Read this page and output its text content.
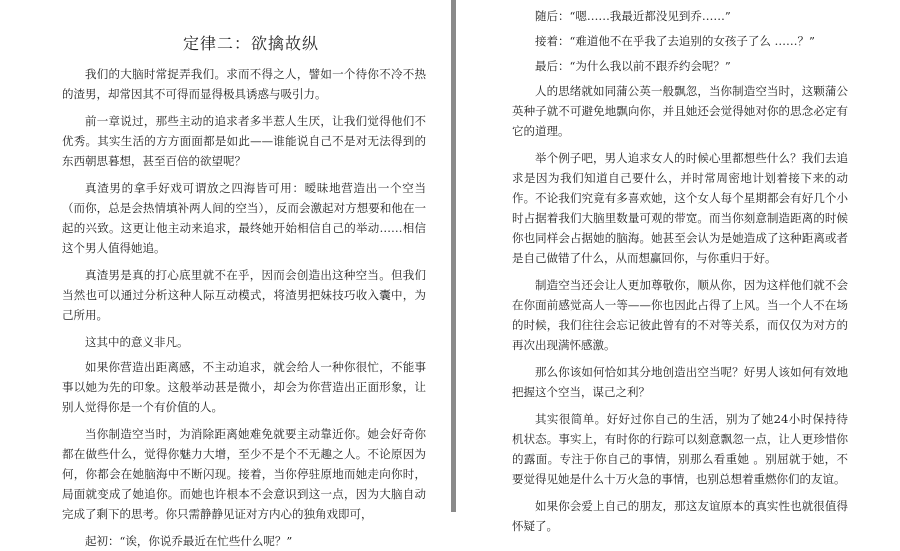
定律二：欲擒故纵

我们的大脑时常捉弄我们。求而不得之人，譬如一个待你不冷不热的渣男，却常因其不可得而显得极具诱惑与吸引力。

前一章说过，那些主动的追求者多半惹人生厌，让我们觉得他们不优秀。其实生活的方方面面都是如此——谁能说自己不是对无法得到的东西朝思暮想，甚至百倍的欲望呢？

真渣男的拿手好戏可谓放之四海皆可用：暧昧地营造出一个空当（而你，总是会热情填补两人间的空当），反而会激起对方想要和他在一起的兴致。这更让他主动来追求，最终她开始相信自己的举动……相信这个男人值得她追。

真渣男是真的打心底里就不在乎，因而会创造出这种空当。但我们当然也可以通过分析这种人际互动模式，将渣男把妹技巧收入囊中，为己所用。

这其中的意义非凡。

如果你营造出距离感，不主动追求，就会给人一种你很忙，不能事事以她为先的印象。这般举动甚是微小，却会为你营造出正面形象，让别人觉得你是一个有价值的人。

当你制造空当时，为消除距离她难免就要主动靠近你。她会好奇你都在做些什么，觉得你魅力大增，至少不是个不无趣之人。不论原因为何，你都会在她脑海中不断闪现。接着，当你停驻原地而她走向你时，局面就变成了她追你。而她也许根本不会意识到这一点，因为大脑自动完成了剩下的思考。你只需静静见证对方内心的独角戏即可，

起初：“诶，你说乔最近在忙些什么呢？”

随后：“嗯……我最近都没见到乔……”

接着：“难道他不在乎我了去追别的女孩子了么 ……？”

最后：“为什么我以前不跟乔约会呢？”

人的思绪就如同蒲公英一般飘忽，当你制造空当时，这颗蒲公英种子就不可避免地飘向你，并且她还会觉得她对你的思念必定有它的道理。

举个例子吧，男人追求女人的时候心里都想些什么？我们去追求是因为我们知道自己要什么，并时常周密地计划着接下来的动作。不论我们究竟有多喜欢她，这个女人每个星期都会有好几个小时占据着我们大脑里数量可观的带宽。而当你刻意制造距离的时候你也同样会占据她的脑海。她甚至会认为是她造成了这种距离或者是自己做错了什么，从而想赢回你，与你重归于好。

制造空当还会让人更加尊敬你，顺从你，因为这样他们就不会在你面前感觉高人一等——你也因此占得了上风。当一个人不在场的时候，我们往往会忘记彼此曾有的不对等关系，而仅仅为对方的再次出现满怀感激。

那么你该如何恰如其分地创造出空当呢？好男人该如何有效地把握这个空当，谋己之利？

其实很简单。好好过你自己的生活，别为了她24小时保持待机状态。事实上，有时你的行踪可以刻意飘忽一点，让人更珍惜你的露面。专注于你自己的事情，别那么看重她 。别屈就于她，不要觉得见她是什么十万火急的事情，也别总想着重燃你们的友谊。

如果你会爱上自己的朋友，那这友谊原本的真实性也就很值得怀疑了。
